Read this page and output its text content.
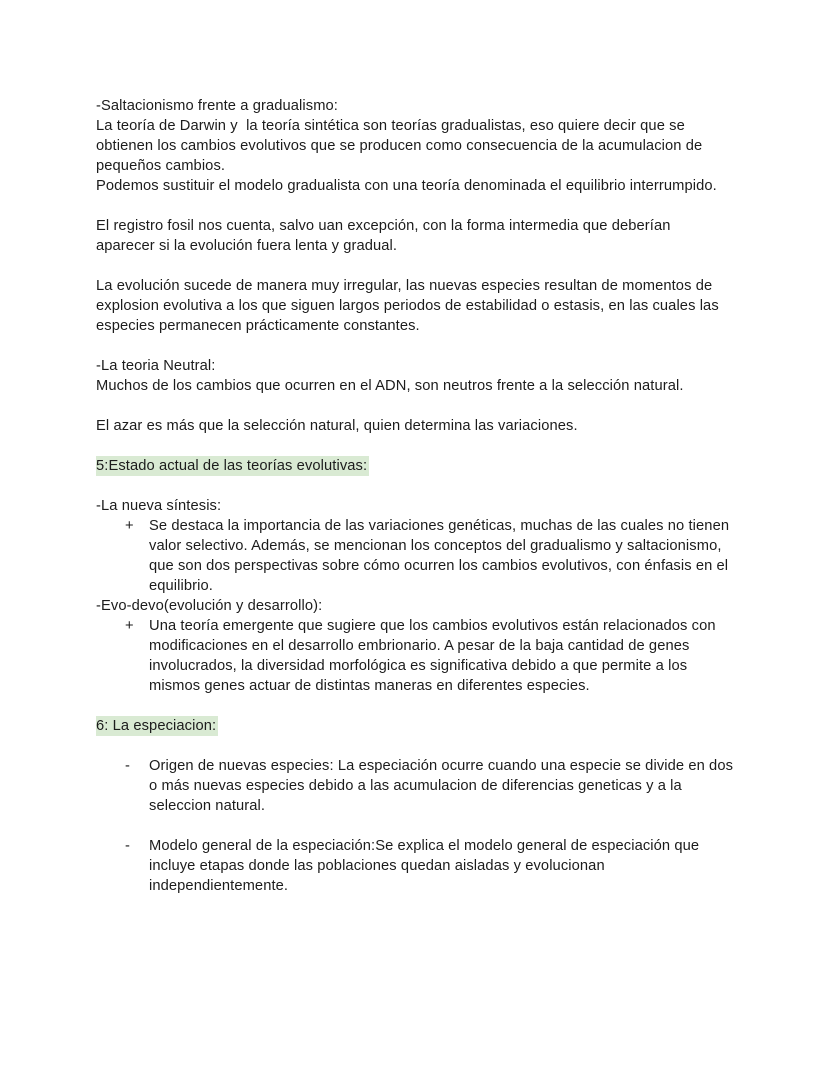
-Saltacionismo frente a gradualismo:
La teoría de Darwin y  la teoría sintética son teorías gradualistas, eso quiere decir que se
obtienen los cambios evolutivos que se producen como consecuencia de la acumulacion de
pequeños cambios.
Podemos sustituir el modelo gradualista con una teoría denominada el equilibrio interrumpido.
El registro fosil nos cuenta, salvo uan excepción, con la forma intermedia que deberían
aparecer si la evolución fuera lenta y gradual.
La evolución sucede de manera muy irregular, las nuevas especies resultan de momentos de
explosion evolutiva a los que siguen largos periodos de estabilidad o estasis, en las cuales las
especies permanecen prácticamente constantes.
-La teoria Neutral:
Muchos de los cambios que ocurren en el ADN, son neutros frente a la selección natural.
El azar es más que la selección natural, quien determina las variaciones.
5:Estado actual de las teorías evolutivas:
-La nueva síntesis:
+	Se destaca la importancia de las variaciones genéticas, muchas de las cuales no tienen
valor selectivo. Además, se mencionan los conceptos del gradualismo y saltacionismo,
que son dos perspectivas sobre cómo ocurren los cambios evolutivos, con énfasis en el
equilibrio.
-Evo-devo(evolución y desarrollo):
+	Una teoría emergente que sugiere que los cambios evolutivos están relacionados con
modificaciones en el desarrollo embrionario. A pesar de la baja cantidad de genes
involucrados, la diversidad morfológica es significativa debido a que permite a los
mismos genes actuar de distintas maneras en diferentes especies.
6: La especiacion:
-	Origen de nuevas especies: La especiación ocurre cuando una especie se divide en dos
o más nuevas especies debido a las acumulacion de diferencias geneticas y a la
seleccion natural.
-	Modelo general de la especiación:Se explica el modelo general de especiación que
incluye etapas donde las poblaciones quedan aisladas y evolucionan
independientemente.
